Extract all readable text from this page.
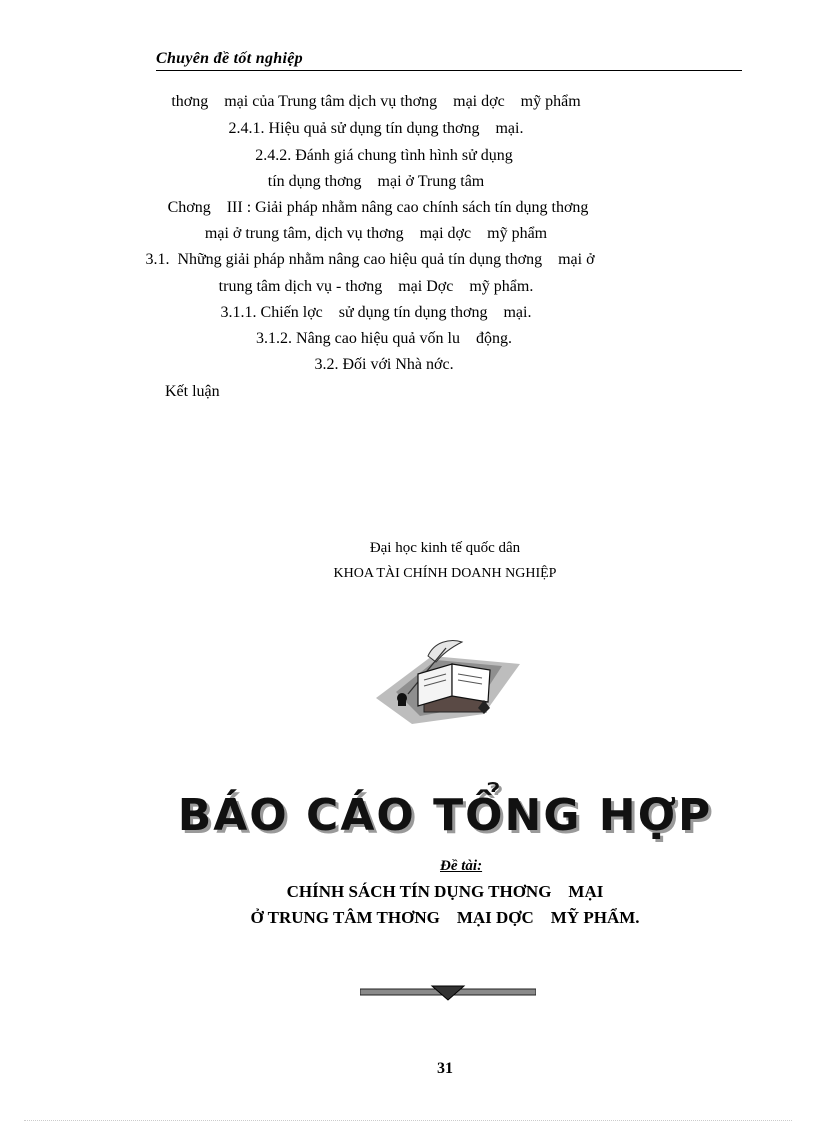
Chuyên đề tốt nghiệp
thơng    mại của Trung tâm dịch vụ thơng    mại dợc    mỹ phẩm
2.4.1. Hiệu quả sử dụng tín dụng thơng    mại.
2.4.2. Đánh giá chung tình hình sử dụng
tín dụng thơng    mại ở Trung tâm
Chơng    III : Giải pháp nhằm nâng cao chính sách tín dụng thơng
mại ở trung tâm, dịch vụ thơng    mại dợc    mỹ phẩm
3.1.  Những giải pháp nhằm nâng cao hiệu quả tín dụng thơng    mại ở
trung tâm dịch vụ - thơng    mại Dợc    mỹ phẩm.
3.1.1. Chiến lợc    sử dụng tín dụng thơng    mại.
3.1.2. Nâng cao hiệu quả vốn lu    động.
3.2. Đối với Nhà nớc.
Kết luận
Đại học kinh tế quốc dân
KHOA TÀI CHÍNH DOANH NGHIỆP
BÁO CÁO TỔNG HỢP
Đề tài:
CHÍNH SÁCH TÍN DỤNG THƠNG    MẠI
Ở TRUNG TÂM THƠNG    MẠI DỢC    MỸ PHẨM.
31
